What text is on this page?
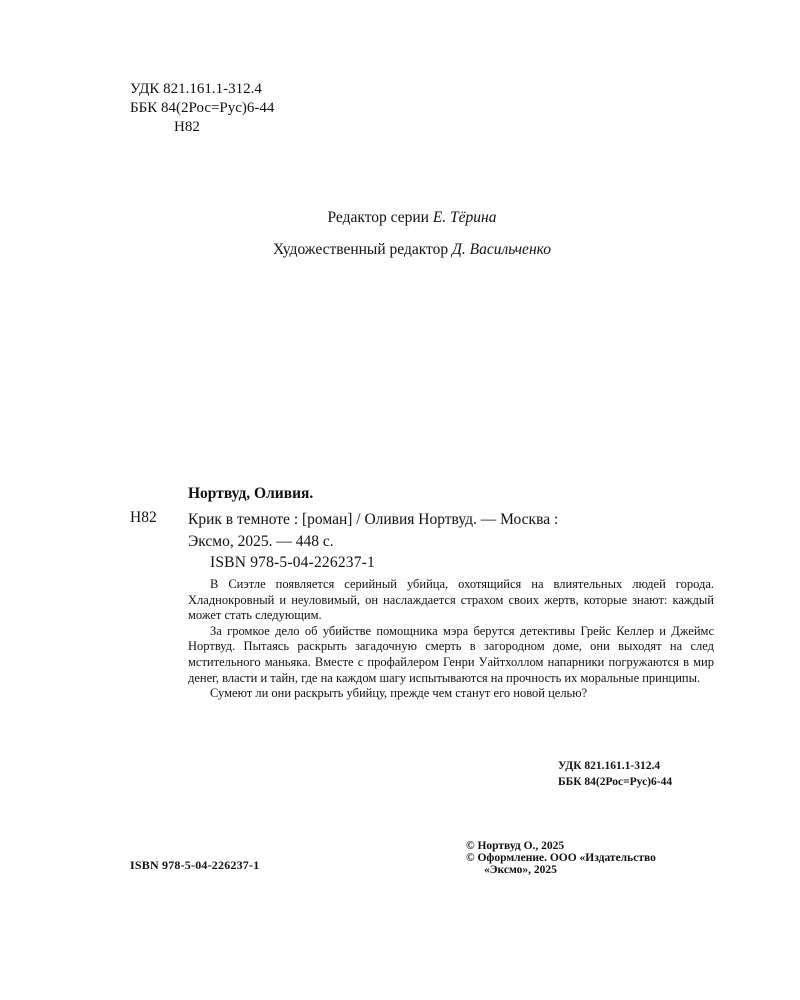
УДК 821.161.1-312.4
ББК 84(2Рос=Рус)6-44
Н82
Редактор серии Е. Тёрина
Художественный редактор Д. Васильченко
Нортвуд, Оливия.
Н82 Крик в темноте : [роман] / Оливия Нортвуд. — Москва :
Эксмо, 2025. — 448 с.
ISBN 978-5-04-226237-1

В Сиэтле появляется серийный убийца, охотящийся на влиятельных людей города. Хладнокровный и неуловимый, он наслаждается страхом своих жертв, которые знают: каждый может стать следующим.

За громкое дело об убийстве помощника мэра берутся детективы Грейс Келлер и Джеймс Нортвуд. Пытаясь раскрыть загадочную смерть в загородном доме, они выходят на след мстительного маньяка. Вместе с профайлером Генри Уайтхоллом напарники погружаются в мир денег, власти и тайн, где на каждом шагу испытываются на прочность их моральные принципы.

Сумеют ли они раскрыть убийцу, прежде чем станут его новой целью?

УДК 821.161.1-312.4
ББК 84(2Рос=Рус)6-44
© Нортвуд О., 2025
© Оформление. ООО «Издательство
«Эксмо», 2025
ISBN 978-5-04-226237-1
